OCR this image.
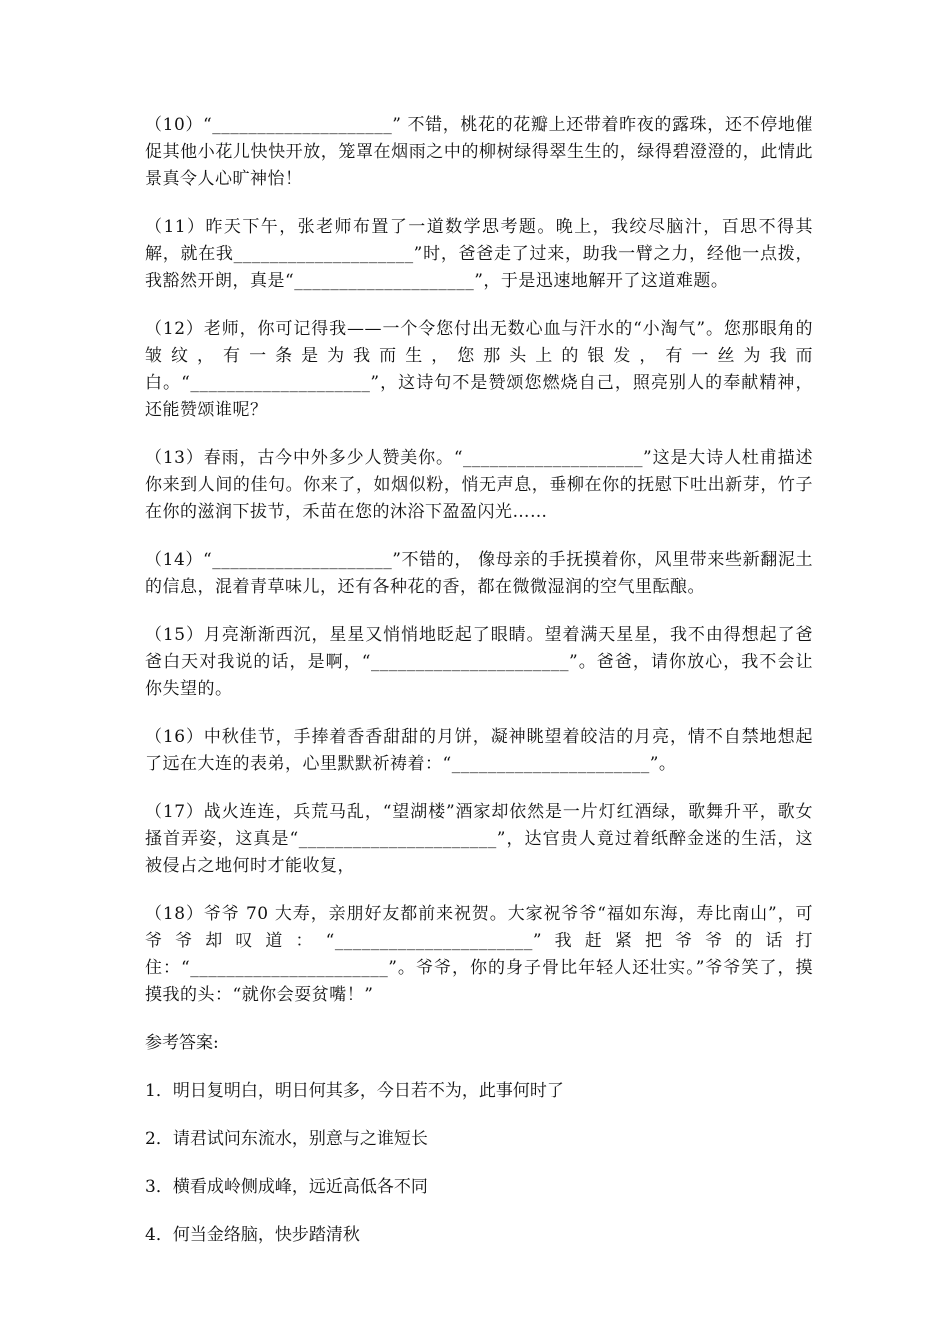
（10）“____________________” 不错，桃花的花瓣上还带着昨夜的露珠，还不停地催促其他小花儿快快开放，笼罩在烟雨之中的柳树绿得翠生生的，绿得碧澄澄的，此情此景真令人心旷神怡！

（11）昨天下午，张老师布置了一道数学思考题。晚上，我绞尽脑汁，百思不得其解，就在我____________________”时，爸爸走了过来，助我一臂之力，经他一点拨，我豁然开朗，真是“____________________”，于是迅速地解开了这道难题。

（12）老师，你可记得我——一个令您付出无数心血与汗水的“小淘气”。您那眼角的皱纹，有一条是为我而生，您那头上的银发，有一丝为我而白。“____________________”，这诗句不是赞颂您燃烧自己，照亮别人的奉献精神，还能赞颂谁呢？

（13）春雨，古今中外多少人赞美你。“____________________”这是大诗人杜甫描述你来到人间的佳句。你来了，如烟似粉，悄无声息，垂柳在你的抚慰下吐出新芽，竹子在你的滋润下拔节，禾苗在您的沐浴下盈盈闪光……

（14）“____________________”不错的， 像母亲的手抚摸着你，风里带来些新翻泥土的信息，混着青草味儿，还有各种花的香，都在微微湿润的空气里酝酿。

（15）月亮渐渐西沉，星星又悄悄地眨起了眼睛。望着满天星星，我不由得想起了爸爸白天对我说的话，是啊，“______________________”。爸爸，请你放心，我不会让你失望的。

（16）中秋佳节，手捧着香香甜甜的月饼，凝神眺望着皎洁的月亮，情不自禁地想起了远在大连的表弟，心里默默祈祷着：“______________________”。

（17）战火连连，兵荒马乱，“望湖楼”酒家却依然是一片灯红酒绿，歌舞升平，歌女搔首弄姿，这真是“______________________”，达官贵人竟过着纸醉金迷的生活，这被侵占之地何时才能收复，

（18）爷爷 70 大寿，亲朋好友都前来祝贺。大家祝爷爷“福如东海，寿比南山”，可爷爷却叹道：“______________________”我赶紧把爷爷的话打住：“______________________”。爷爷，你的身子骨比年轻人还壮实。”爷爷笑了，摸摸我的头：“就你会耍贫嘴！”

参考答案:

1．明日复明白，明日何其多，今日若不为，此事何时了

2．请君试问东流水，别意与之谁短长

3．横看成岭侧成峰，远近高低各不同

4．何当金络脑，快步踏清秋
